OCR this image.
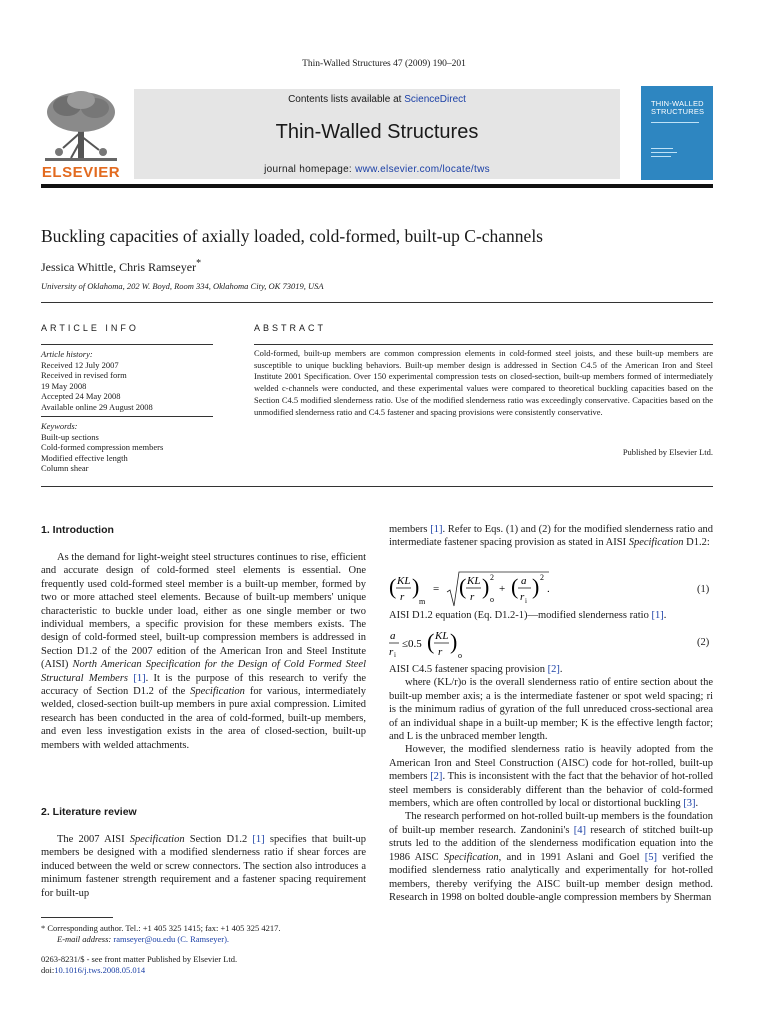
Thin-Walled Structures 47 (2009) 190–201
ELSEVIER
Contents lists available at ScienceDirect
Thin-Walled Structures
journal homepage: www.elsevier.com/locate/tws
THIN-WALLED
STRUCTURES
Buckling capacities of axially loaded, cold-formed, built-up C-channels
Jessica Whittle, Chris Ramseyer*
University of Oklahoma, 202 W. Boyd, Room 334, Oklahoma City, OK 73019, USA
ARTICLE INFO
Article history:
Received 12 July 2007
Received in revised form
19 May 2008
Accepted 24 May 2008
Available online 29 August 2008
Keywords:
Built-up sections
Cold-formed compression members
Modified effective length
Column shear
ABSTRACT
Cold-formed, built-up members are common compression elements in cold-formed steel joists, and these built-up members are susceptible to unique buckling behaviors. Built-up member design is addressed in Section C4.5 of the American Iron and Steel Institute 2001 Specification. Over 150 experimental compression tests on closed-section, built-up members formed of intermediately welded c-channels were conducted, and these experimental values were compared to theoretical buckling capacities based on the Section C4.5 modified slenderness ratio. Use of the modified slenderness ratio was exceedingly conservative. Capacities based on the unmodified slenderness ratio and C4.5 fastener and spacing provisions were consistently conservative.
Published by Elsevier Ltd.
1. Introduction

As the demand for light-weight steel structures continues to rise, efficient and accurate design of cold-formed steel elements is essential. One frequently used cold-formed steel member is a built-up member, formed by two or more attached steel elements. Because of built-up members' unique characteristic to buckle under load, either as one single member or two individual members, a specific provision for these members exists. The design of cold-formed steel, built-up compression members is addressed in Section D1.2 of the 2007 edition of the American Iron and Steel Institute (AISI) North American Specification for the Design of Cold Formed Steel Structural Members [1]. It is the purpose of this research to verify the accuracy of Section D1.2 of the Specification for various, intermediately welded, closed-section built-up members in pure axial compression. Limited research has been conducted in the area of cold-formed, built-up members, and even less investigation exists in the area of closed-section, built-up members with welded attachments.

2. Literature review

The 2007 AISI Specification Section D1.2 [1] specifies that built-up members be designed with a modified slenderness ratio if shear forces are induced between the weld or screw connectors. The section also introduces a minimum fastener strength requirement and a fastener spacing requirement for built-up

members [1]. Refer to Eqs. (1) and (2) for the modified slenderness ratio and intermediate fastener spacing provision as stated in AISI Specification D1.2:

( KL
r )
m
= ( KL
r ) 2
o
+ ( a
r i
) 2
.	(1)
AISI D1.2 equation (Eq. D1.2-1)—modified slenderness ratio [1].
a
r i
≤0.5 ( KL
r )
o
(2)

AISI C4.5 fastener spacing provision [2].

where (KL/r)o is the overall slenderness ratio of entire section about the built-up member axis; a is the intermediate fastener or spot weld spacing; ri is the minimum radius of gyration of the full unreduced cross-sectional area of an individual shape in a built-up member; K is the effective length factor; and L is the unbraced member length.

However, the modified slenderness ratio is heavily adopted from the American Iron and Steel Construction (AISC) code for hot-rolled, built-up members [2]. This is inconsistent with the fact that the behavior of hot-rolled steel members is considerably different than the behavior of cold-formed members, which are often controlled by local or distortional buckling [3].

The research performed on hot-rolled built-up members is the foundation of built-up member research. Zandonini's [4] research of stitched built-up struts led to the addition of the slenderness modification equation into the 1986 AISC Specification, and in 1991 Aslani and Goel [5] verified the modified slenderness ratio analytically and experimentally for hot-rolled members, thereby verifying the AISC built-up member design method. Research in 1998 on bolted double-angle compression members by Sherman

* Corresponding author. Tel.: +1 405 325 1415; fax: +1 405 325 4217.
E-mail address: ramseyer@ou.edu (C. Ramseyer).
0263-8231/$ - see front matter Published by Elsevier Ltd.
doi:10.1016/j.tws.2008.05.014
